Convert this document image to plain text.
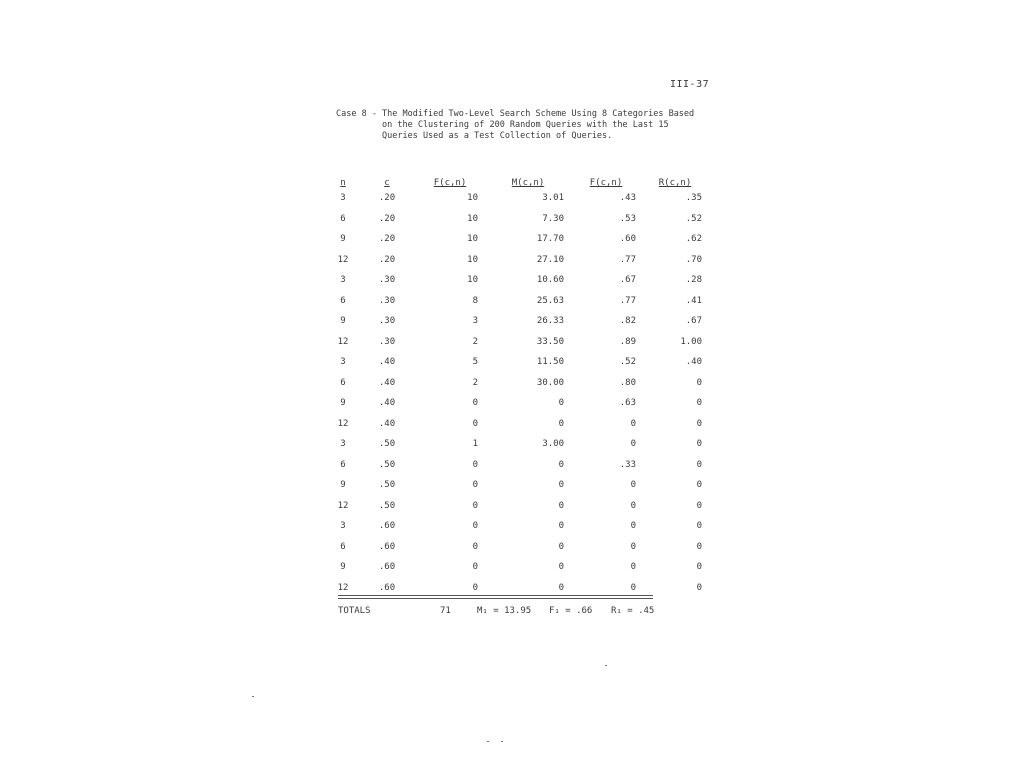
III-37
Case 8 - The Modified Two-Level Search Scheme Using 8 Categories Based
on the Clustering of 200 Random Queries with the Last 15
Queries Used as a Test Collection of Queries.
n	c	F(c,n)	M(c,n)	F(c,n)	R(c,n)
3	.20	10	3.01	.43	.35
6	.20	10	7.30	.53	.52
9	.20	10	17.70	.60	.62
12	.20	10	27.10	.77	.70
3	.30	10	10.60	.67	.28
6	.30	8	25.63	.77	.41
9	.30	3	26.33	.82	.67
12	.30	2	33.50	.89	1.00
3	.40	5	11.50	.52	.40
6	.40	2	30.00	.80	0
9	.40	0	0	.63	0
12	.40	0	0	0	0
3	.50	1	3.00	0	0
6	.50	0	0	.33	0
9	.50	0	0	0	0
12	.50	0	0	0	0
3	.60	0	0	0	0
6	.60	0	0	0	0
9	.60	0	0	0	0
12	.60	0	0	0	0
TOTALS	71	M₁ = 13.95 F₁ = .66 R₁ = .45
